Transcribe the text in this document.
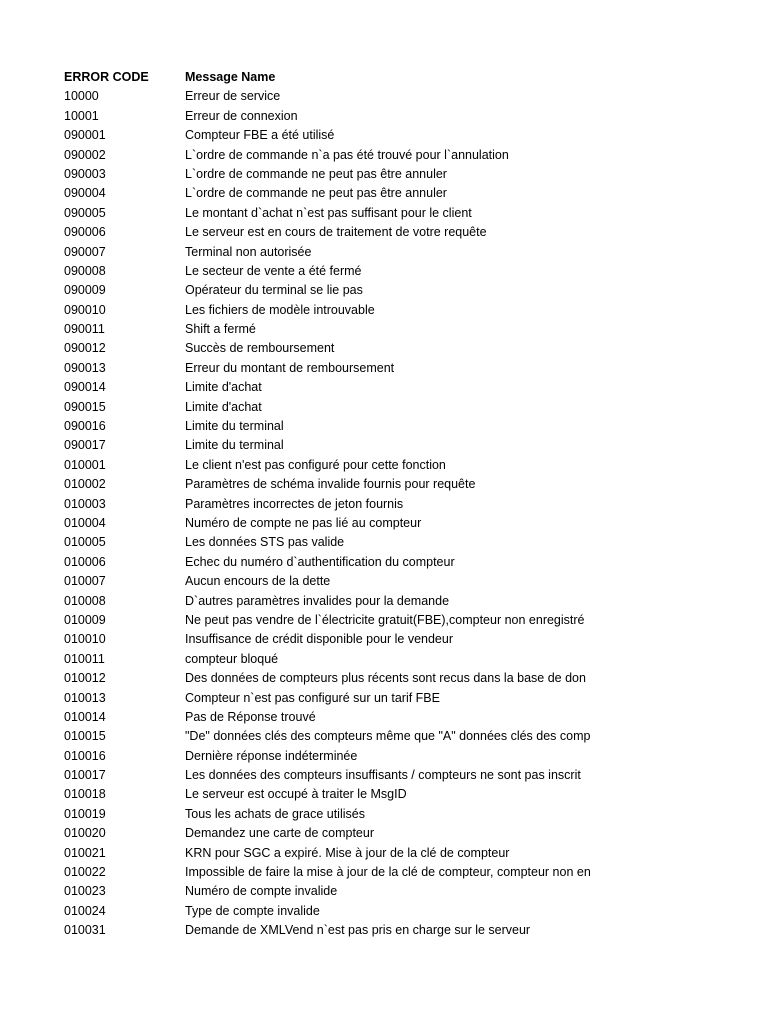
ERROR CODE	Message Name
10000	Erreur de service
10001	Erreur de connexion
090001	Compteur FBE a été utilisé
090002	L`ordre de commande n`a pas été trouvé pour l`annulation
090003	L`ordre de commande ne peut pas être annuler
090004	L`ordre de commande ne peut pas être annuler
090005	Le montant d`achat n`est pas suffisant pour le client
090006	Le serveur est en cours de traitement de votre requête
090007	Terminal non autorisée
090008	Le secteur de vente a été fermé
090009	Opérateur du terminal se lie pas
090010	Les fichiers de modèle introuvable
090011	Shift a fermé
090012	Succès de remboursement
090013	Erreur du montant de remboursement
090014	Limite d'achat
090015	Limite d'achat
090016	Limite du terminal
090017	Limite du terminal
010001	Le client n'est pas configuré pour cette fonction
010002	Paramètres de schéma invalide fournis pour requête
010003	Paramètres incorrectes de jeton fournis
010004	Numéro de compte ne pas lié au compteur
010005	Les données STS pas valide
010006	Echec du numéro d`authentification du compteur
010007	Aucun encours de la dette
010008	D`autres paramètres invalides pour la demande
010009	Ne peut pas vendre de l`électricite gratuit(FBE),compteur non enregistré
010010	Insuffisance de crédit disponible pour le vendeur
010011	compteur bloqué
010012	Des données de compteurs plus récents sont recus dans la base de don
010013	Compteur n`est pas configuré sur un tarif FBE
010014	Pas de Réponse trouvé
010015	"De" données clés des compteurs même que "A" données clés des comp
010016	Dernière réponse indéterminée
010017	Les données des compteurs insuffisants / compteurs ne sont pas inscrit
010018	Le serveur est occupé à traiter le MsgID
010019	Tous les achats de grace utilisés
010020	Demandez une carte de compteur
010021	KRN pour SGC a expiré. Mise à jour de la clé de compteur
010022	Impossible de faire la mise à jour de la clé de compteur, compteur non en
010023	Numéro de compte invalide
010024	Type de compte invalide
010031	Demande de XMLVend n`est pas pris en charge sur le serveur
